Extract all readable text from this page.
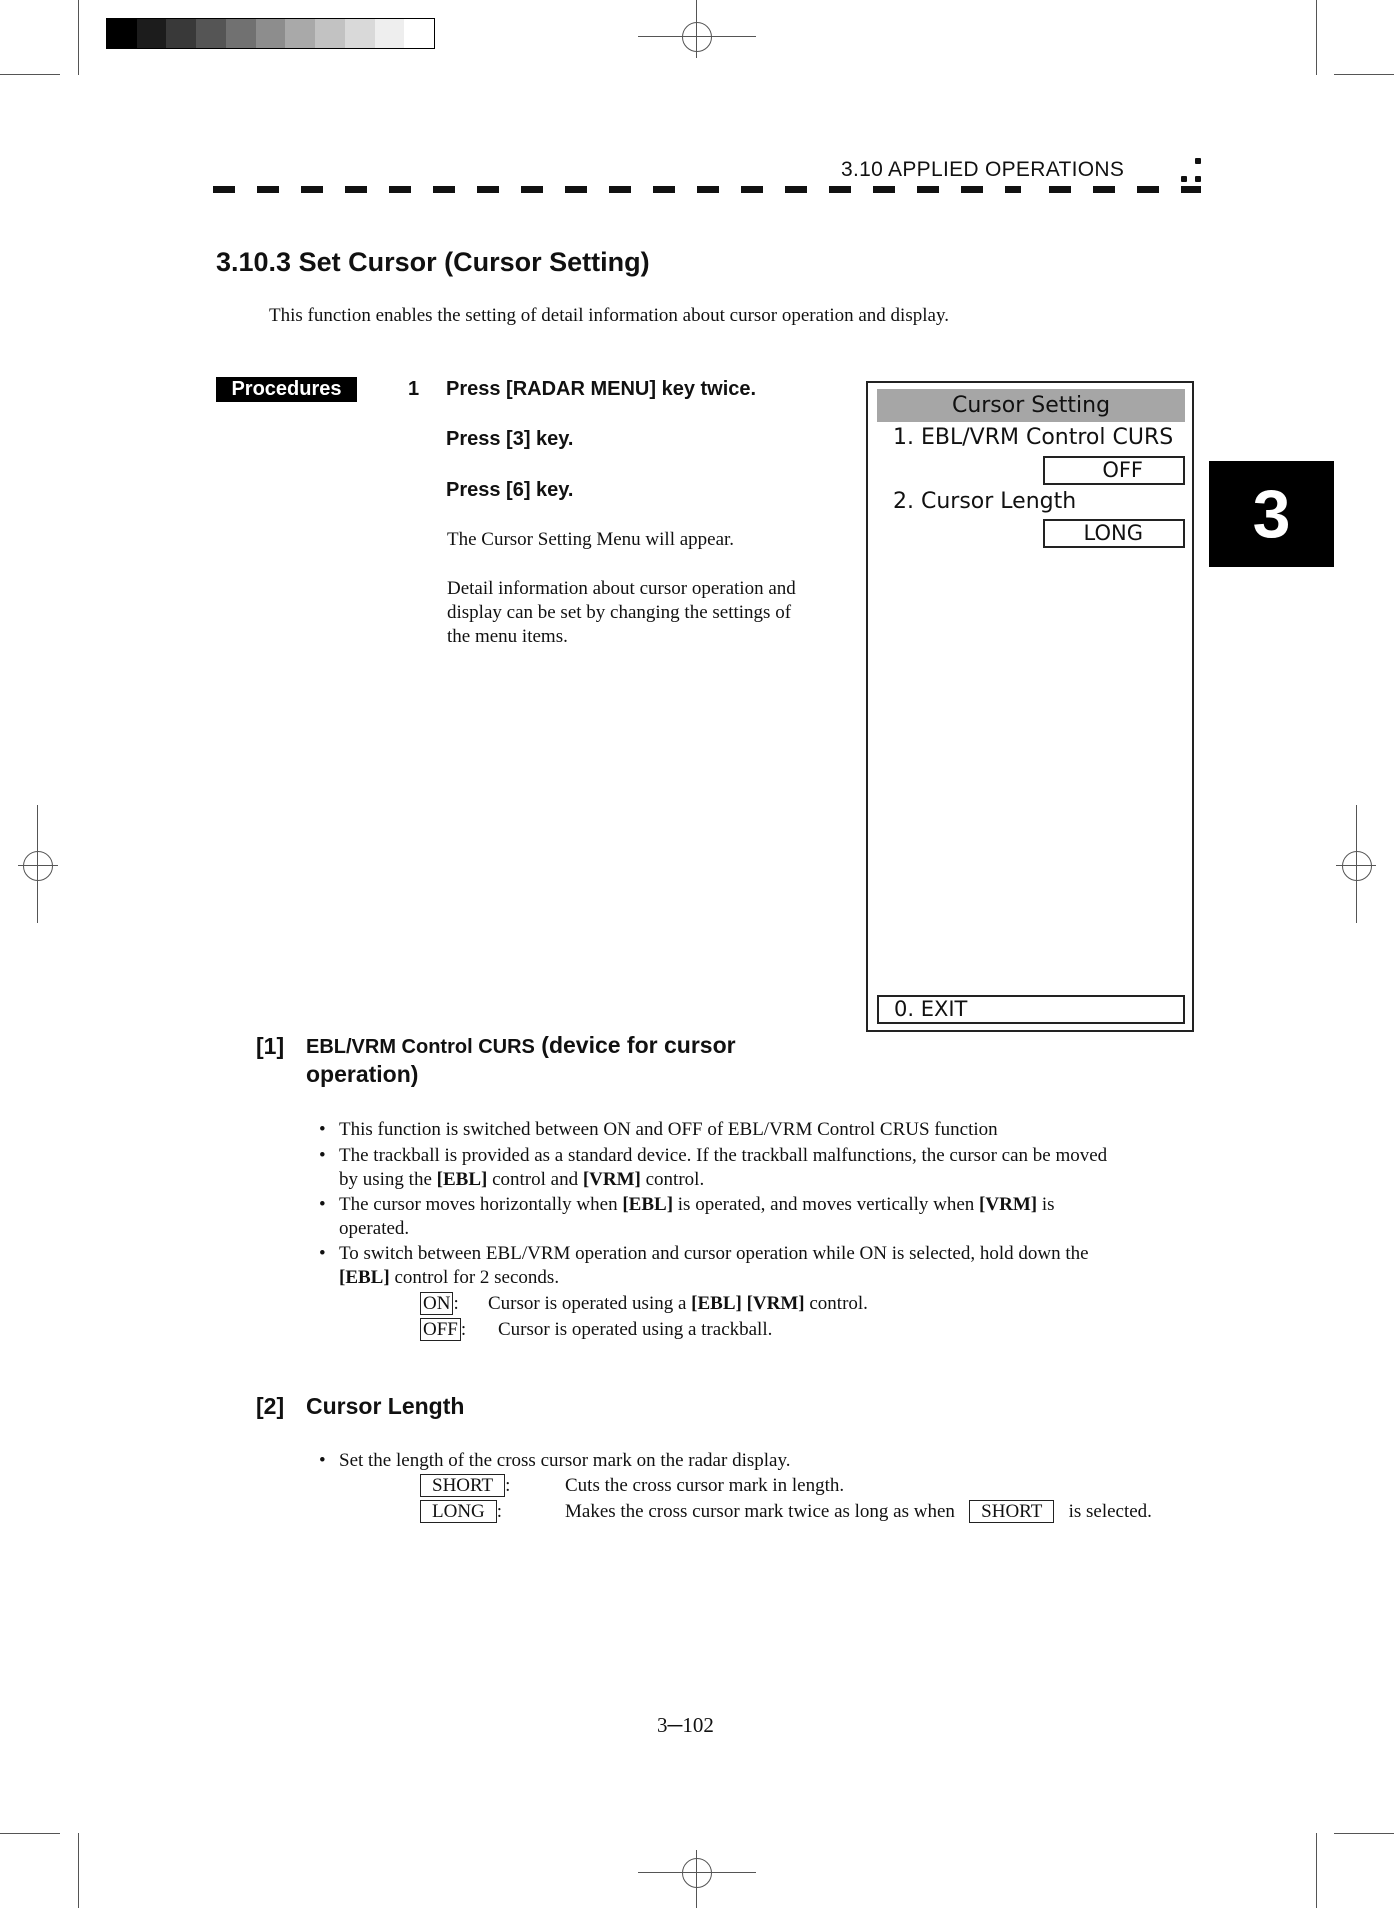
3.10 APPLIED OPERATIONS
3.10.3 Set Cursor (Cursor Setting)
This function enables the setting of detail information about cursor operation and display.
Procedures	1 Press [RADAR MENU] key twice.
Press [3] key.
Press [6] key.
The Cursor Setting Menu will appear.
Detail information about cursor operation and
display can be set by changing the settings of
the menu items.
Cursor Setting
1. EBL/VRM Control CURS
OFF
2. Cursor Length
LONG
0. EXIT
3
[1] EBL/VRM Control CURS (device for cursor
operation)
• This function is switched between ON and OFF of EBL/VRM Control CRUS function
• The trackball is provided as a standard device. If the trackball malfunctions, the cursor can be moved
by using the [EBL] control and [VRM] control.
• The cursor moves horizontally when [EBL] is operated, and moves vertically when [VRM] is
operated.
• To switch between EBL/VRM operation and cursor operation while ON is selected, hold down the
[EBL] control for 2 seconds.
ON : Cursor is operated using a [EBL] [VRM] control.
OFF : Cursor is operated using a trackball.
[2] Cursor Length
• Set the length of the cross cursor mark on the radar display.
SHORT :	Cuts the cross cursor mark in length.
LONG :	Makes the cross cursor mark twice as long as when SHORT is selected.
3─102
